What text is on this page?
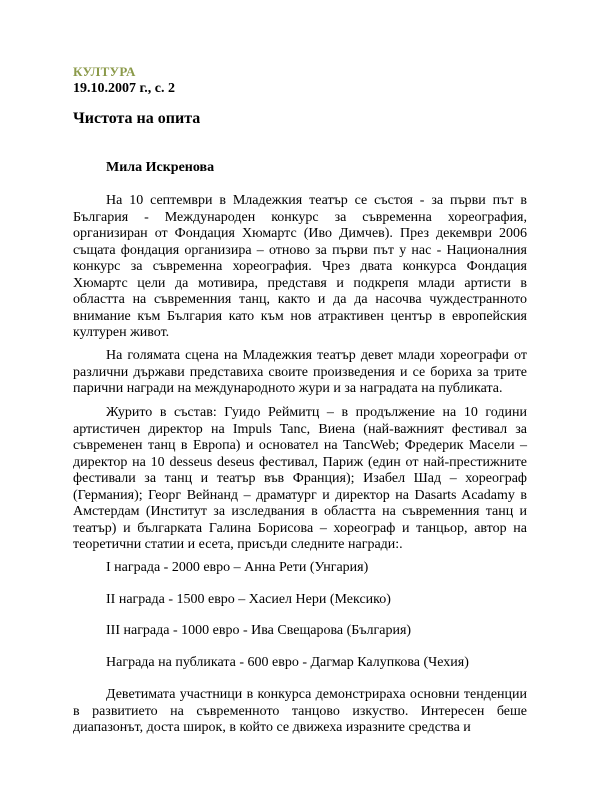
КУЛТУРА
19.10.2007 г., с. 2
Чистота на опита
Мила Искренова

На 10 септември в Младежкия театър се състоя - за първи път в България - Международен конкурс за съвременна хореография, организиран от Фондация Хюмартс (Иво Димчев). През декември 2006 същата фондация организира – отново за първи път у нас - Националния конкурс за съвременна хореография. Чрез двата конкурса Фондация Хюмартс цели да мотивира, представя и подкрепя млади артисти в областта на съвременния танц, както и да да насочва чуждестранното внимание към България като към нов атрактивен център в европейския културен живот.

На голямата сцена на Младежкия театър девет млади хореографи от различни държави представиха своите произведения и се бориха за трите парични награди на международното жури и за наградата на публиката.

Журито в състав: Гуидо Реймитц – в продължение на 10 години артистичен директор на Impuls Tanc, Виена (най-важният фестивал за съвременен танц в Европа) и основател на TancWeb; Фредерик Масели – директор на 10 desseus deseus фестивал, Париж (един от най-престижните фестивали за танц и театър във Франция); Изабел Шад – хореограф (Германия); Георг Вейнанд – драматург и директор на Dasarts Acadamy в Амстердам (Институт за изследвания в областта на съвременния танц и театър) и българката Галина Борисова – хореограф и танцьор, автор на теоретични статии и есета, присъди следните награди:.

I награда - 2000 евро – Анна Рети (Унгария)
II награда - 1500 евро – Хасиел Нери (Мексико)
III награда - 1000 евро - Ива Свещарова (България)
Награда на публиката - 600 евро - Дагмар Калупкова (Чехия)

Деветимата участници в конкурса демонстрираха основни тенденции в развитието на съвременното танцово изкуство. Интересен беше диапазонът, доста широк, в който се движеха изразните средства и
